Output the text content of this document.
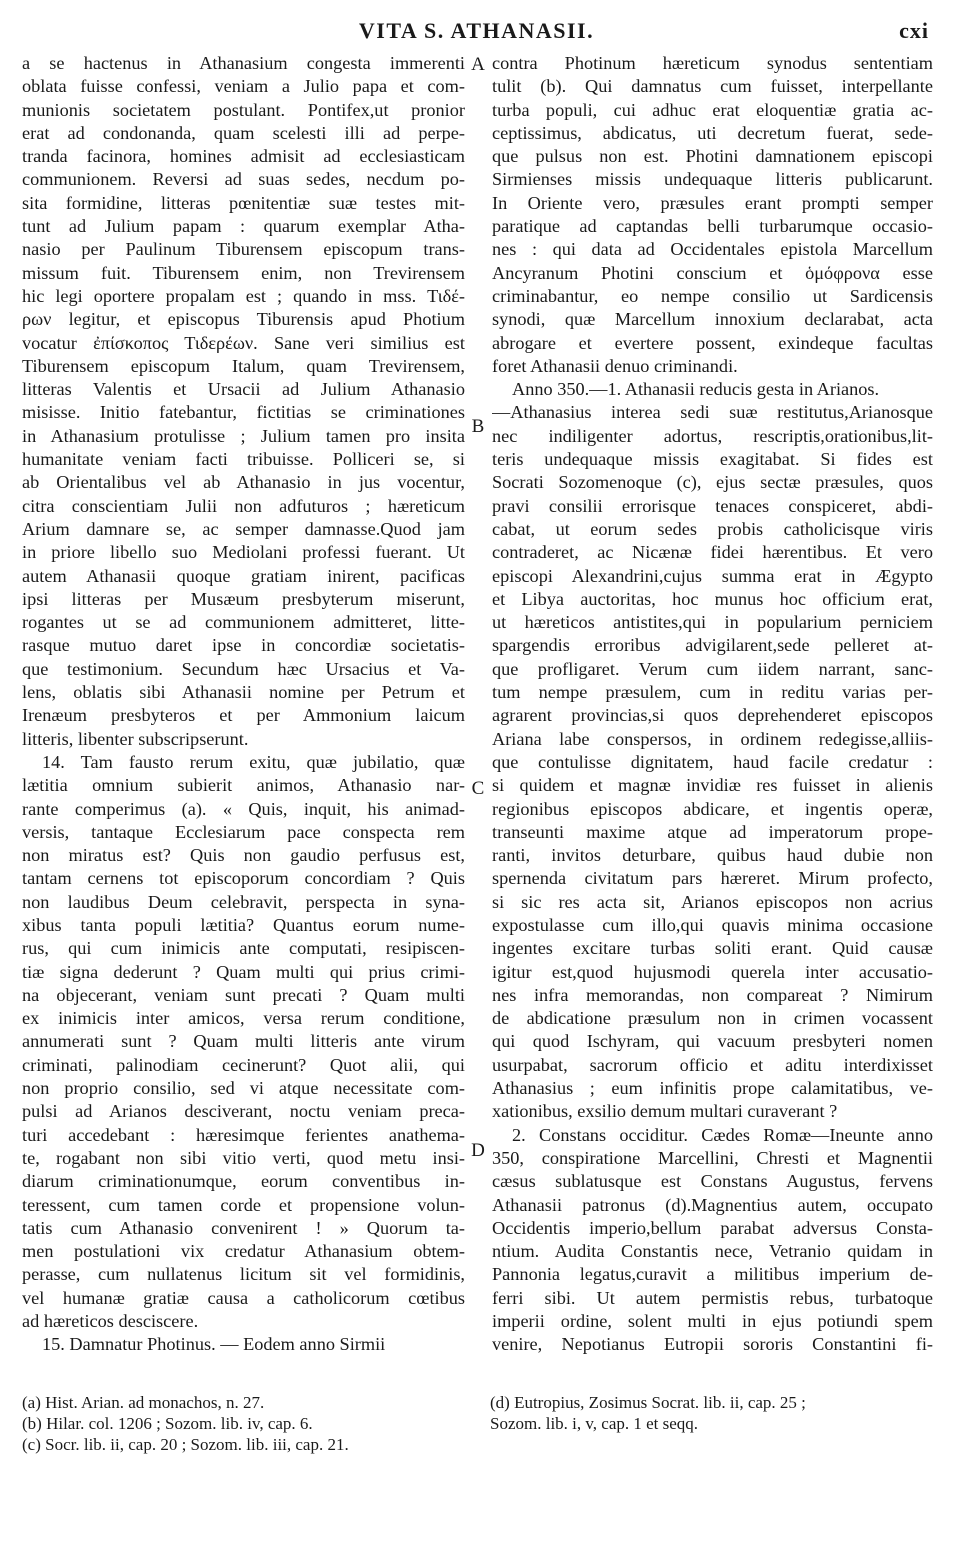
VITA S. ATHANASII.	cxi
a se hactenus in Athanasium congesta immerenti
oblata fuisse confessi, veniam a Julio papa et com-
munionis societatem postulant. Pontifex,ut pronior
erat ad condonanda, quam scelesti illi ad perpe-
tranda facinora, homines admisit ad ecclesiasticam
communionem. Reversi ad suas sedes, necdum po-
sita formidine, litteras pœnitentiæ suæ testes mit-
tunt ad Julium papam : quarum exemplar Atha-
nasio per Paulinum Tiburensem episcopum trans-
missum fuit. Tiburensem enim, non Trevirensem
hic legi oportere propalam est ; quando in mss. Τιδέ-
ρων legitur, et episcopus Tiburensis apud Photium
vocatur ἐπίσκοπος Τιδερέων. Sane veri similius est
Tiburensem episcopum Italum, quam Trevirensem,
litteras Valentis et Ursacii ad Julium Athanasio
misisse. Initio fatebantur, fictitias se criminationes
in Athanasium protulisse ; Julium tamen pro insita
humanitate veniam facti tribuisse. Polliceri se, si
ab Orientalibus vel ab Athanasio in jus vocentur,
citra conscientiam Julii non adfuturos ; hæreticum
Arium damnare se, ac semper damnasse.Quod jam
in priore libello suo Mediolani professi fuerant. Ut
autem Athanasii quoque gratiam inirent, pacificas
ipsi litteras per Musæum presbyterum miserunt,
rogantes ut se ad communionem admitteret, litte-
rasque mutuo daret ipse in concordiæ societatis-
que testimonium. Secundum hæc Ursacius et Va-
lens, oblatis sibi Athanasii nomine per Petrum et
Irenæum presbyteros et per Ammonium laicum
litteris, libenter subscripserunt.
14. Tam fausto rerum exitu, quæ jubilatio, quæ
lætitia omnium subierit animos, Athanasio nar-
rante comperimus (a). « Quis, inquit, his animad-
versis, tantaque Ecclesiarum pace conspecta rem
non miratus est? Quis non gaudio perfusus est,
tantam cernens tot episcoporum concordiam ? Quis
non laudibus Deum celebravit, perspecta in syna-
xibus tanta populi lætitia? Quantus eorum nume-
rus, qui cum inimicis ante computati, resipiscen-
tiæ signa dederunt ? Quam multi qui prius crimi-
na objecerant, veniam sunt precati ? Quam multi
ex inimicis inter amicos, versa rerum conditione,
annumerati sunt ? Quam multi litteris ante virum
criminati, palinodiam cecinerunt? Quot alii, qui
non proprio consilio, sed vi atque necessitate com-
pulsi ad Arianos desciverant, noctu veniam preca-
turi accedebant : hæresimque ferientes anathema-
te, rogabant non sibi vitio verti, quod metu insi-
diarum criminationumque, eorum conventibus in-
teressent, cum tamen corde et propensione volun-
tatis cum Athanasio convenirent ! » Quorum ta-
men postulationi vix credatur Athanasium obtem-
perasse, cum nullatenus licitum sit vel formidinis,
vel humanæ gratiæ causa a catholicorum cœtibus
ad hæreticos desciscere.
15. Damnatur Photinus. — Eodem anno Sirmii
contra Photinum hæreticum synodus sententiam
tulit (b). Qui damnatus cum fuisset, interpellante
turba populi, cui adhuc erat eloquentiæ gratia ac-
ceptissimus, abdicatus, uti decretum fuerat, sede-
que pulsus non est. Photini damnationem episcopi
Sirmienses missis undequaque litteris publicarunt.
In Oriente vero, præsules erant prompti semper
paratique ad captandas belli turbarumque occasio-
nes : qui data ad Occidentales epistola Marcellum
Ancyranum Photini conscium et ὁμόφρονα esse
criminabantur, eo nempe consilio ut Sardicensis
synodi, quæ Marcellum innoxium declarabat, acta
abrogare et evertere possent, exindeque facultas
foret Athanasii denuo criminandi.
Anno 350.—1. Athanasii reducis gesta in Arianos.
—Athanasius interea sedi suæ restitutus,Arianosque
nec indiligenter adortus, rescriptis,orationibus,lit-
teris undequaque missis exagitabat. Si fides est
Socrati Sozomenoque (c), ejus sectæ præsules, quos
pravi consilii errorisque tenaces conspiceret, abdi-
cabat, ut eorum sedes probis catholicisque viris
contraderet, ac Nicænæ fidei hærentibus. Et vero
episcopi Alexandrini,cujus summa erat in Ægypto
et Libya auctoritas, hoc munus hoc officium erat,
ut hæreticos antistites,qui in popularium perniciem
spargendis erroribus advigilarent,sede pelleret at-
que profligaret. Verum cum iidem narrant, sanc-
tum nempe præsulem, cum in reditu varias per-
agrarent provincias,si quos deprehenderet episcopos
Ariana labe conspersos, in ordinem redegisse,alliis-
que contulisse dignitatem, haud facile credatur :
si quidem et magnæ invidiæ res fuisset in alienis
regionibus episcopos abdicare, et ingentis operæ,
transeunti maxime atque ad imperatorum prope-
ranti, invitos deturbare, quibus haud dubie non
spernenda civitatum pars hæreret. Mirum profecto,
si sic res acta sit, Arianos episcopos non acrius
expostulasse cum illo,qui quavis minima occasione
ingentes excitare turbas soliti erant. Quid causæ
igitur est,quod hujusmodi querela inter accusatio-
nes infra memorandas, non compareat ? Nimirum
de abdicatione præsulum non in crimen vocassent
qui quod Ischyram, qui vacuum presbyteri nomen
usurpabat, sacrorum officio et aditu interdixisset
Athanasius ; eum infinitis prope calamitatibus, ve-
xationibus, exsilio demum multari curaverant ?
2. Constans occiditur. Cædes Romæ—Ineunte anno
350, conspiratione Marcellini, Chresti et Magnentii
cæsus sublatusque est Constans Augustus, fervens
Athanasii patronus (d).Magnentius autem, occupato
Occidentis imperio,bellum parabat adversus Consta-
ntium. Audita Constantis nece, Vetranio quidam in
Pannonia legatus,curavit a militibus imperium de-
ferri sibi. Ut autem permistis rebus, turbatoque
imperii ordine, solent multi in ejus potiundi spem
venire, Nepotianus Eutropii sororis Constantini fi-
A
B
C
D
(a) Hist. Arian. ad monachos, n. 27.
(b) Hilar. col. 1206 ; Sozom. lib. iv, cap. 6.
(c) Socr. lib. ii, cap. 20 ; Sozom. lib. iii, cap. 21.
(d) Eutropius, Zosimus Socrat. lib. ii, cap. 25 ;
Sozom. lib. i, v, cap. 1 et seqq.
